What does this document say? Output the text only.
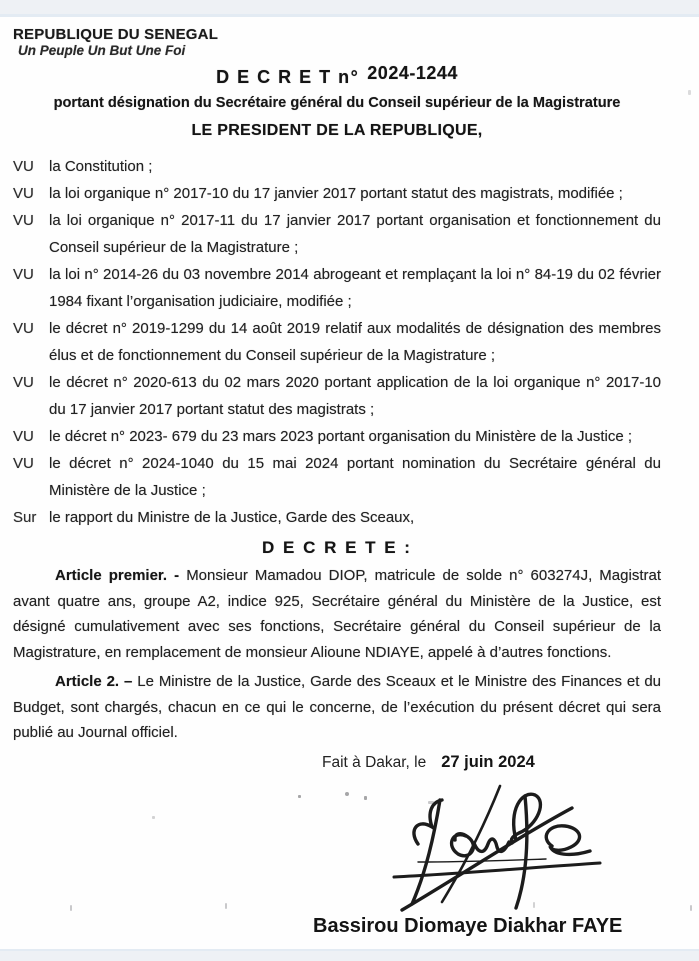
REPUBLIQUE DU SENEGAL
Un Peuple Un But Une Foi
D E C R E T n° 2024-1244
portant désignation du Secrétaire général du Conseil supérieur de la Magistrature
LE PRESIDENT DE LA REPUBLIQUE,
VU	la Constitution ;
VU	la loi organique n° 2017-10 du 17 janvier 2017 portant statut des magistrats, modifiée ;
VU	la loi organique n° 2017-11 du 17 janvier 2017 portant organisation et fonctionnement du Conseil supérieur de la Magistrature ;
VU	la loi n° 2014-26 du 03 novembre 2014 abrogeant et remplaçant la loi n° 84-19 du 02 février 1984 fixant l’organisation judiciaire, modifiée ;
VU	le décret n° 2019-1299 du 14 août 2019 relatif aux modalités de désignation des membres élus et de fonctionnement du Conseil supérieur de la Magistrature ;
VU	le décret n° 2020-613 du 02 mars 2020 portant application de la loi organique n° 2017-10 du 17 janvier 2017 portant statut des magistrats ;
VU	le décret n° 2023- 679 du 23 mars 2023 portant organisation du Ministère de la Justice ;
VU	le décret n° 2024-1040 du 15 mai 2024 portant nomination du Secrétaire général du Ministère de la Justice ;
Sur le rapport du Ministre de la Justice, Garde des Sceaux,
D E C R E T E :

Article premier. - Monsieur Mamadou DIOP, matricule de solde n° 603274J, Magistrat avant quatre ans, groupe A2, indice 925, Secrétaire général du Ministère de la Justice, est désigné cumulativement avec ses fonctions, Secrétaire général du Conseil supérieur de la Magistrature, en remplacement de monsieur Alioune NDIAYE, appelé à d’autres fonctions.

Article 2. – Le Ministre de la Justice, Garde des Sceaux et le Ministre des Finances et du Budget, sont chargés, chacun en ce qui le concerne, de l’exécution du présent décret qui sera publié au Journal officiel.

Fait à Dakar, le 27 juin 2024
Bassirou Diomaye Diakhar FAYE
